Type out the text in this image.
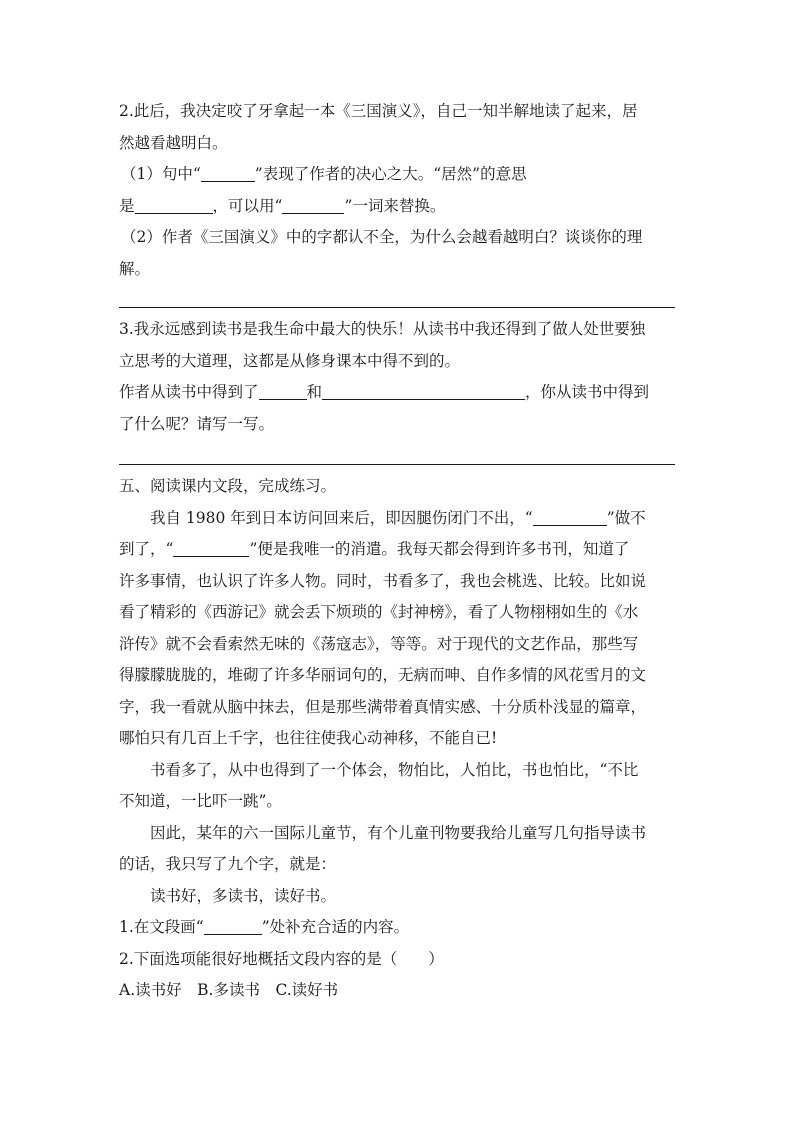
2.此后，我决定咬了牙拿起一本《三国演义》，自己一知半解地读了起来，居
然越看越明白。
（1）句中“	”表现了作者的决心之大。“居然”的意思
是	，可以用“	”一词来替换。
（2）作者《三国演义》中的字都认不全，为什么会越看越明白？谈谈你的理
解。
3.我永远感到读书是我生命中最大的快乐！从读书中我还得到了做人处世要独
立思考的大道理，这都是从修身课本中得不到的。
作者从读书中得到了	和	，你从读书中得到
了什么呢？请写一写。
五、阅读课内文段，完成练习。
我自 1980 年到日本访问回来后，即因腿伤闭门不出，“	”做不
到了，“	”便是我唯一的消遣。我每天都会得到许多书刊，知道了
许多事情，也认识了许多人物。同时，书看多了，我也会桃选、比较。比如说
看了精彩的《西游记》就会丢下烦琐的《封神榜》，看了人物栩栩如生的《水
浒传》就不会看索然无味的《荡寇志》，等等。对于现代的文艺作品，那些写
得朦朦胧胧的，堆砌了许多华丽词句的，无病而呻、自作多情的风花雪月的文
字，我一看就从脑中抹去，但是那些满带着真情实感、十分质朴浅显的篇章，
哪怕只有几百上千字，也往往使我心动神移，不能自已!
书看多了，从中也得到了一个体会，物怕比，人怕比，书也怕比，“不比
不知道，一比吓一跳”。
因此，某年的六一国际儿童节，有个儿童刊物要我给儿童写几句指导读书
的话，我只写了九个字，就是：
读书好，多读书，读好书。
1.在文段画“	”处补充合适的内容。
2.下面选项能很好地概括文段内容的是（　　）
A.读书好　B.多读书　C.读好书
